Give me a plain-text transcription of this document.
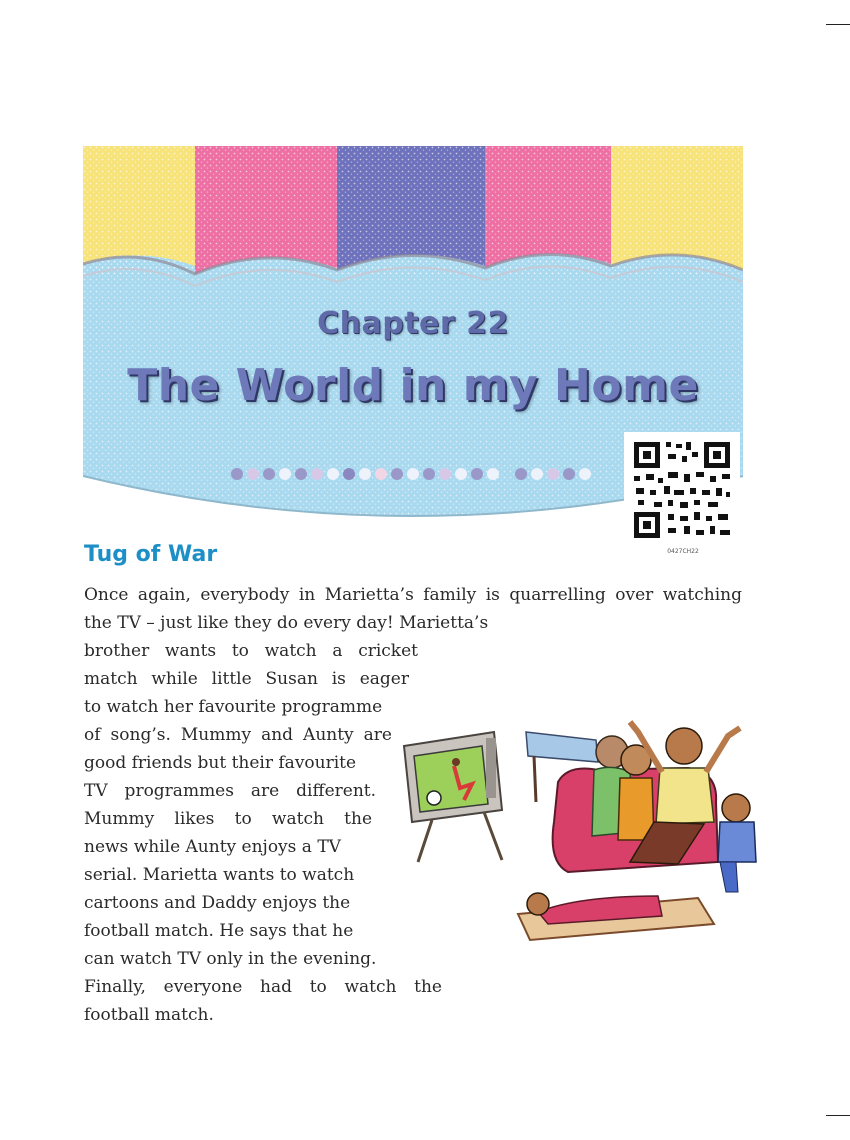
Chapter 22
The World in my Home
0427CH22
Tug of War
Once again, everybody in Marietta’s family is quarrelling over watching
the TV – just like they do every day! Marietta’s
brother wants to watch a cricket
match while little Susan is eager
to watch her favourite programme
of song’s. Mummy and Aunty are
good friends but their favourite
TV programmes are different.
Mummy likes to watch the
news while Aunty enjoys a TV
serial. Marietta wants to watch
cartoons and Daddy enjoys the
football match. He says that he
can watch TV only in the evening.
Finally, everyone had to watch the
football match.
